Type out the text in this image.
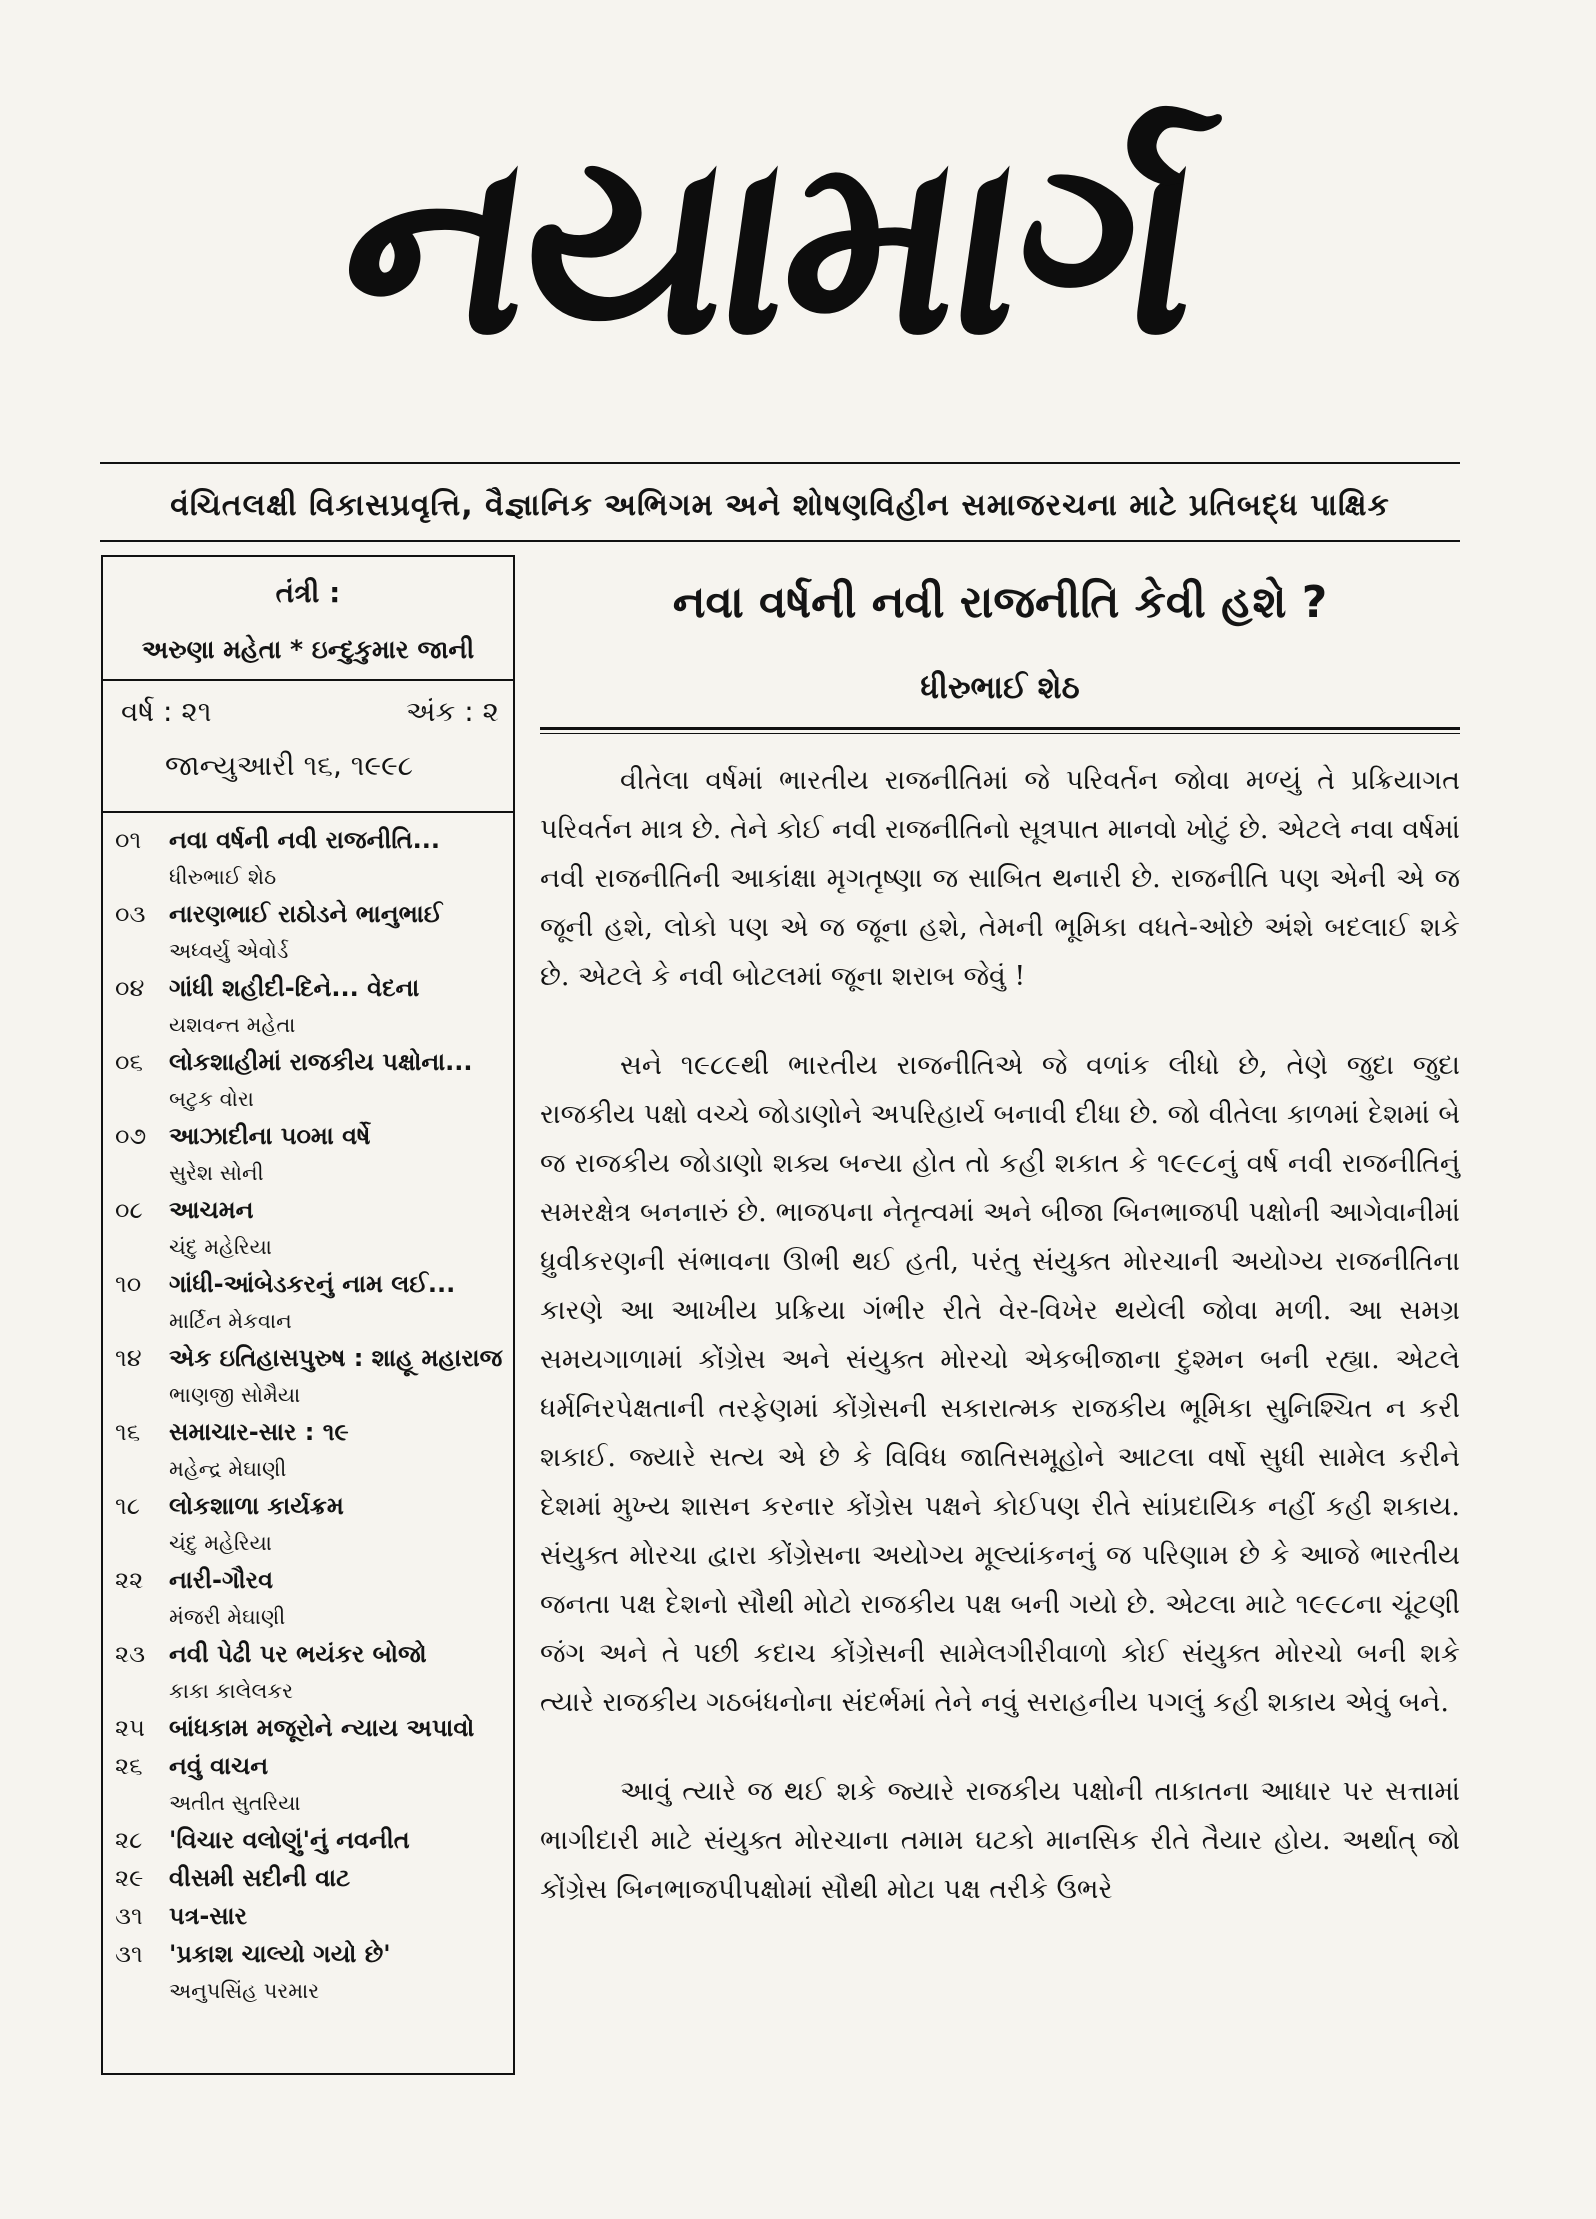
નયામાર્ગ
વંચિતલક્ષી વિકાસપ્રવૃત્તિ, વૈજ્ઞાનિક અભિગમ અને શોષણવિહીન સમાજરચના માટે પ્રતિબદ્ધ પાક્ષિક
તંત્રી :
અરુણા મહેતા * ઇન્દુકુમાર જાની
વર્ષ : ૨૧	અંક : ૨
જાન્યુઆરી ૧૬, ૧૯૯૮
૦૧ નવા વર્ષની નવી રાજનીતિ...
ધીરુભાઈ શેઠ
૦૩ નારણભાઈ રાઠોડને ભાનુભાઈ
અધ્વર્યુ એવોર્ડ
૦૪ ગાંધી શહીદી-દિને... વેદના
યશવન્ત મહેતા
૦૬ લોકશાહીમાં રાજકીય પક્ષોના...
બટુક વોરા
૦૭ આઝાદીના ૫૦મા વર્ષે
સુરેશ સોની
૦૮ આચમન
ચંદુ મહેરિયા
૧૦ ગાંધી-આંબેડકરનું નામ લઈ...
માર્ટિન મેકવાન
૧૪ એક ઇતિહાસપુરુષ : શાહૂ મહારાજ
ભાણજી સોમૈયા
૧૬ સમાચાર-સાર : ૧૯
મહેન્દ્ર મેઘાણી
૧૮ લોકશાળા કાર્યક્રમ
ચંદુ મહેરિયા
૨૨ નારી-ગૌરવ
મંજરી મેઘાણી
૨૩ નવી પેઢી પર ભયંકર બોજો
કાકા કાલેલકર
૨૫ બાંધકામ મજૂરોને ન્યાય અપાવો
૨૬ નવું વાચન
અતીત સુતરિયા
૨૮ 'વિચાર વલોણું'નું નવનીત
૨૯ વીસમી સદીની વાટ
૩૧ પત્ર-સાર
૩૧ 'પ્રકાશ ચાલ્યો ગયો છે'
અનુપસિંહ પરમાર
નવા વર્ષની નવી રાજનીતિ કેવી હશે ?
ધીરુભાઈ શેઠ

વીતેલા વર્ષમાં ભારતીય રાજનીતિમાં જે પરિવર્તન જોવા મળ્યું તે પ્રક્રિયાગત પરિવર્તન માત્ર છે. તેને કોઈ નવી રાજનીતિનો સૂત્રપાત માનવો ખોટું છે. એટલે નવા વર્ષમાં નવી રાજનીતિની આકાંક્ષા મૃગતૃષ્ણા જ સાબિત થનારી છે. રાજનીતિ પણ એની એ જ જૂની હશે, લોકો પણ એ જ જૂના હશે, તેમની ભૂમિકા વધતે-ઓછે અંશે બદલાઈ શકે છે. એટલે કે નવી બોટલમાં જૂના શરાબ જેવું !

સને ૧૯૮૯થી ભારતીય રાજનીતિએ જે વળાંક લીધો છે, તેણે જુદા જુદા રાજકીય પક્ષો વચ્ચે જોડાણોને અપરિહાર્ય બનાવી દીધા છે. જો વીતેલા કાળમાં દેશમાં બે જ રાજકીય જોડાણો શક્ય બન્યા હોત તો કહી શકાત કે ૧૯૯૮નું વર્ષ નવી રાજનીતિનું સમરક્ષેત્ર બનનારું છે. ભાજપના નેતૃત્વમાં અને બીજા બિનભાજપી પક્ષોની આગેવાનીમાં ધ્રુવીકરણની સંભાવના ઊભી થઈ હતી, પરંતુ સંયુક્ત મોરચાની અયોગ્ય રાજનીતિના કારણે આ આખીય પ્રક્રિયા ગંભીર રીતે વેર-વિખેર થયેલી જોવા મળી. આ સમગ્ર સમયગાળામાં કોંગ્રેસ અને સંયુક્ત મોરચો એકબીજાના દુશ્મન બની રહ્યા. એટલે ધર્મનિરપેક્ષતાની તરફેણમાં કોંગ્રેસની સકારાત્મક રાજકીય ભૂમિકા સુનિશ્ચિત ન કરી શકાઈ. જ્યારે સત્ય એ છે કે વિવિધ જાતિસમૂહોને આટલા વર્ષો સુધી સામેલ કરીને દેશમાં મુખ્ય શાસન કરનાર કોંગ્રેસ પક્ષને કોઈપણ રીતે સાંપ્રદાયિક નહીં કહી શકાય. સંયુક્ત મોરચા દ્વારા કોંગ્રેસના અયોગ્ય મૂલ્યાંકનનું જ પરિણામ છે કે આજે ભારતીય જનતા પક્ષ દેશનો સૌથી મોટો રાજકીય પક્ષ બની ગયો છે. એટલા માટે ૧૯૯૮ના ચૂંટણી જંગ અને તે પછી કદાચ કોંગ્રેસની સામેલગીરીવાળો કોઈ સંયુક્ત મોરચો બની શકે ત્યારે રાજકીય ગઠબંધનોના સંદર્ભમાં તેને નવું સરાહનીય પગલું કહી શકાય એવું બને.

આવું ત્યારે જ થઈ શકે જ્યારે રાજકીય પક્ષોની તાકાતના આધાર પર સત્તામાં ભાગીદારી માટે સંયુક્ત મોરચાના તમામ ઘટકો માનસિક રીતે તૈયાર હોય. અર્થાત્ જો કોંગ્રેસ બિનભાજપીપક્ષોમાં સૌથી મોટા પક્ષ તરીકે ઉભરે
